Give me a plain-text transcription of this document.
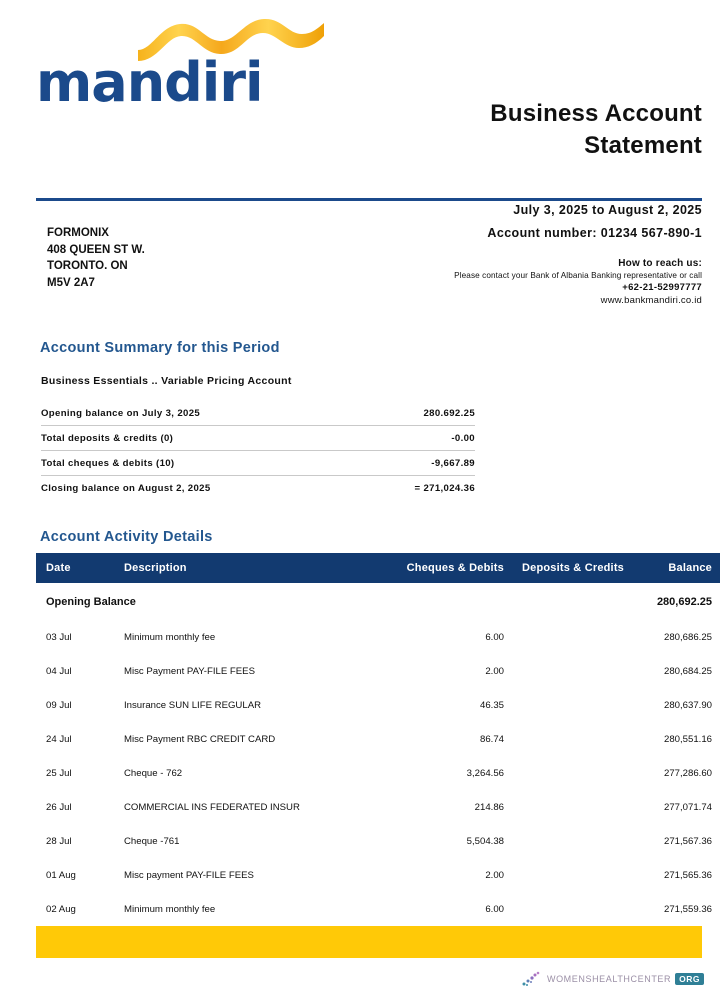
mandiri	Business Account
Statement
FORMONIX
408 QUEEN ST W.
TORONTO. ON
M5V 2A7
July 3, 2025 to August 2, 2025
Account number: 01234 567-890-1
How to reach us:
Please contact your Bank of Albania Banking representative or call
+62-21-52997777
www.bankmandiri.co.id
Account Summary for this Period
Business Essentials .. Variable Pricing Account
Opening balance on July 3, 2025	280.692.25
Total deposits & credits (0)	-0.00
Total cheques & debits (10)	-9,667.89
Closing balance on August 2, 2025	= 271,024.36
Account Activity Details
Date	Description	Cheques & Debits	Deposits & Credits	Balance
Opening Balance				280,692.25
03 Jul	Minimum monthly fee	6.00		280,686.25
04 Jul	Misc Payment PAY-FILE FEES	2.00		280,684.25
09 Jul	Insurance SUN LIFE REGULAR	46.35		280,637.90
24 Jul	Misc Payment RBC CREDIT CARD	86.74		280,551.16
25 Jul	Cheque - 762	3,264.56		277,286.60
26 Jul	COMMERCIAL INS FEDERATED INSUR	214.86		277,071.74
28 Jul	Cheque -761	5,504.38		271,567.36
01 Aug	Misc payment PAY-FILE FEES	2.00		271,565.36
02 Aug	Minimum monthly fee	6.00		271,559.36
WOMENSHEALTHCENTER ORG
